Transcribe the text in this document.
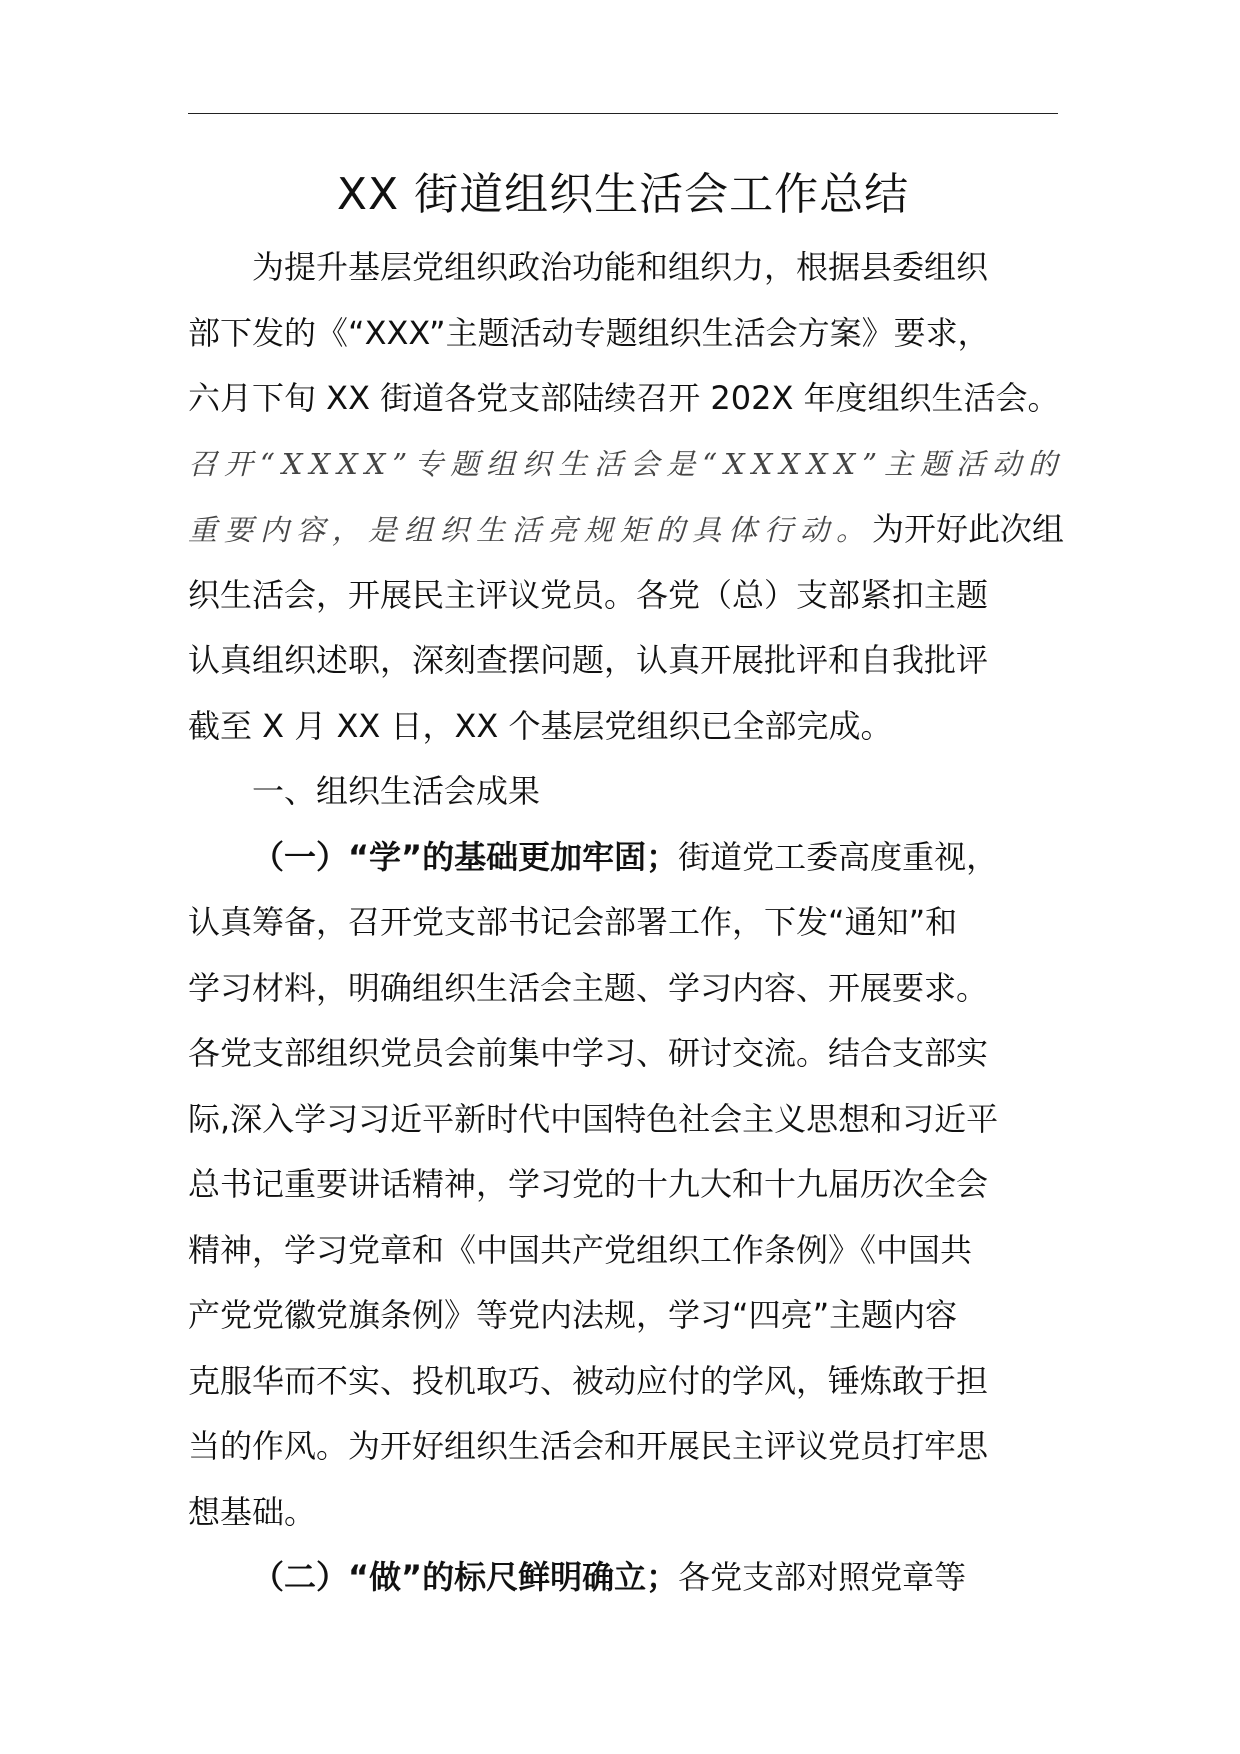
XX 街道组织生活会工作总结
为提升基层党组织政治功能和组织力，根据县委组织
部下发的《“XXX”主题活动专题组织生活会方案》要求，
六月下旬 XX 街道各党支部陆续召开 202X 年度组织生活会。
召开“XXXX”专题组织生活会是“XXXXX”主题活动的
重要内容，是组织生活亮规矩的具体行动。为开好此次组
织生活会，开展民主评议党员。各党（总）支部紧扣主题
认真组织述职，深刻查摆问题，认真开展批评和自我批评
截至 X 月 XX 日，XX 个基层党组织已全部完成。
一、组织生活会成果
（一）“学”的基础更加牢固；街道党工委高度重视，
认真筹备，召开党支部书记会部署工作，下发“通知”和
学习材料，明确组织生活会主题、学习内容、开展要求。
各党支部组织党员会前集中学习、研讨交流。结合支部实
际,深入学习习近平新时代中国特色社会主义思想和习近平
总书记重要讲话精神，学习党的十九大和十九届历次全会
精神，学习党章和《中国共产党组织工作条例》《中国共
产党党徽党旗条例》等党内法规，学习“四亮”主题内容
克服华而不实、投机取巧、被动应付的学风，锤炼敢于担
当的作风。为开好组织生活会和开展民主评议党员打牢思
想基础。
（二）“做”的标尺鲜明确立；各党支部对照党章等
